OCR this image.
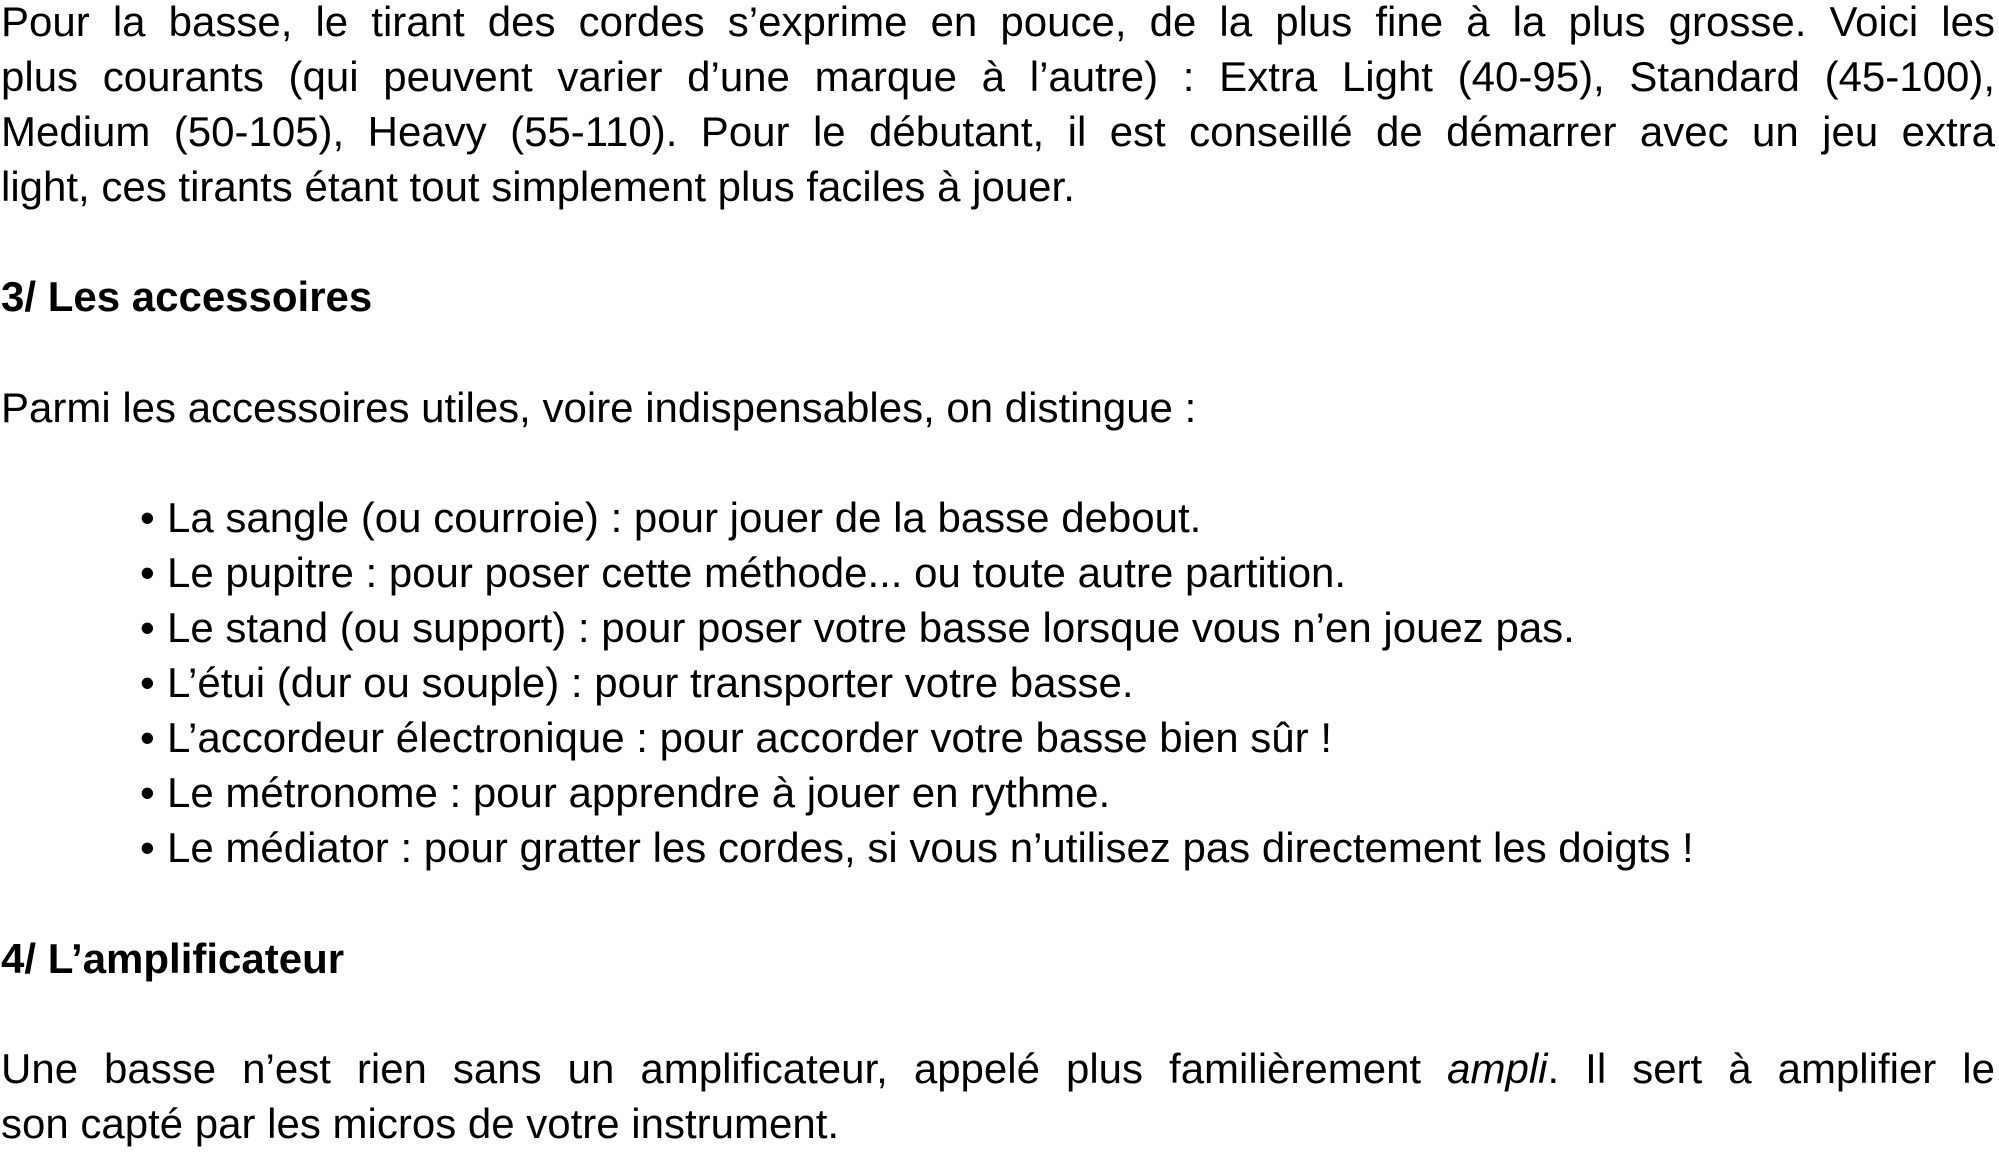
Pour la basse, le tirant des cordes s’exprime en pouce, de la plus fine à la plus grosse. Voici les

plus courants (qui peuvent varier d’une marque à l’autre) : Extra Light (40-95), Standard (45-100),

Medium (50-105), Heavy (55-110). Pour le débutant, il est conseillé de démarrer avec un jeu extra

light, ces tirants étant tout simplement plus faciles à jouer.

3/ Les accessoires

Parmi les accessoires utiles, voire indispensables, on distingue :

• La sangle (ou courroie) : pour jouer de la basse debout.
• Le pupitre : pour poser cette méthode... ou toute autre partition.
• Le stand (ou support) : pour poser votre basse lorsque vous n’en jouez pas.
• L’étui (dur ou souple) : pour transporter votre basse.
• L’accordeur électronique : pour accorder votre basse bien sûr !
• Le métronome : pour apprendre à jouer en rythme.
• Le médiator : pour gratter les cordes, si vous n’utilisez pas directement les doigts !

4/ L’amplificateur

Une basse n’est rien sans un amplificateur, appelé plus familièrement ampli. Il sert à amplifier le

son capté par les micros de votre instrument.
